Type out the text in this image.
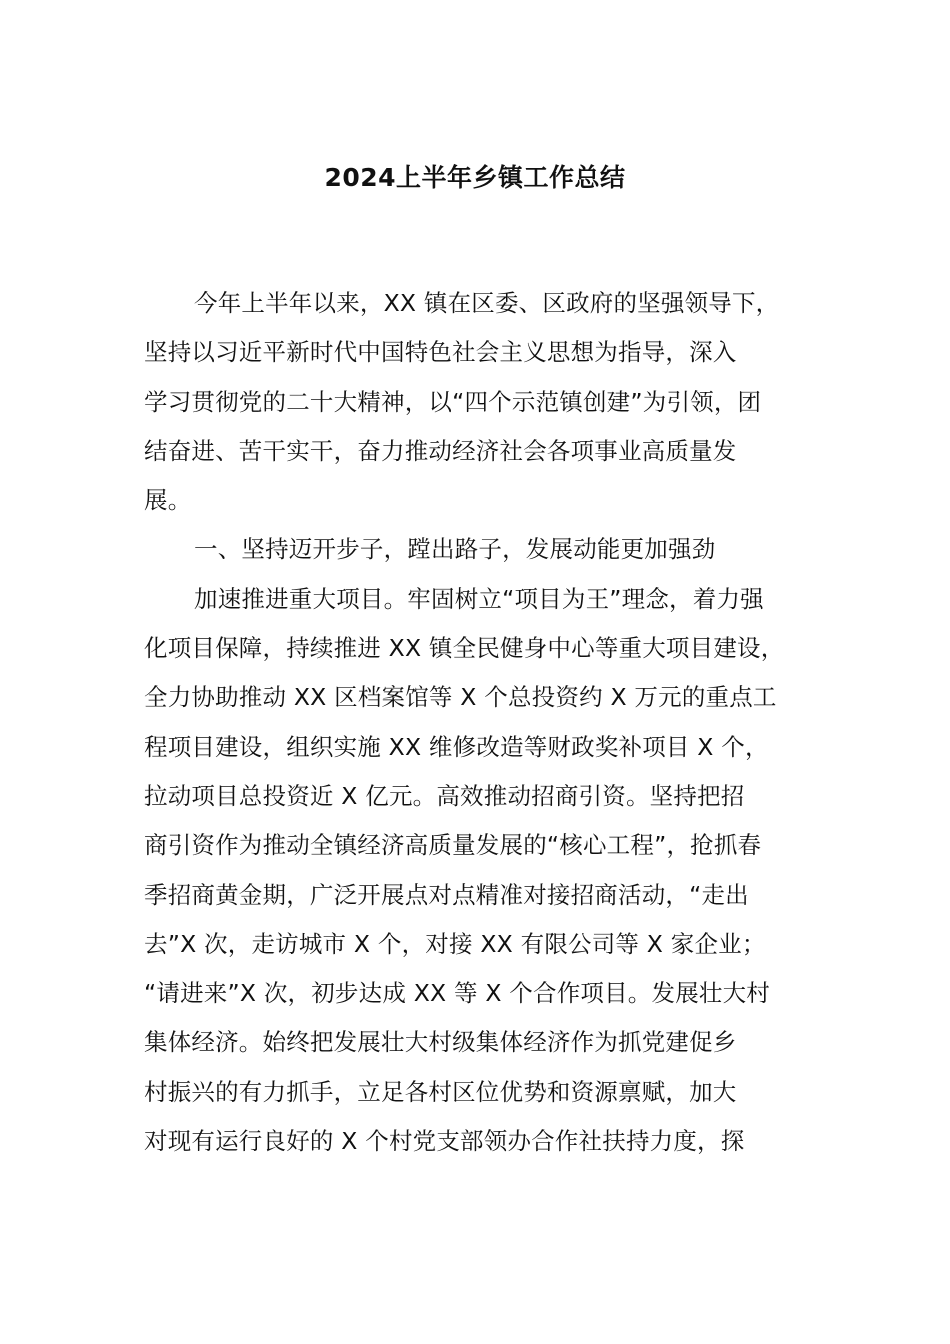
2024上半年乡镇工作总结
今年上半年以来，XX 镇在区委、区政府的坚强领导下，
坚持以习近平新时代中国特色社会主义思想为指导，深入
学习贯彻党的二十大精神，以“四个示范镇创建”为引领，团
结奋进、苦干实干，奋力推动经济社会各项事业高质量发
展。
一、坚持迈开步子，蹚出路子，发展动能更加强劲
加速推进重大项目。牢固树立“项目为王”理念，着力强
化项目保障，持续推进 XX 镇全民健身中心等重大项目建设，
全力协助推动 XX 区档案馆等 X 个总投资约 X 万元的重点工
程项目建设，组织实施 XX 维修改造等财政奖补项目 X 个，
拉动项目总投资近 X 亿元。高效推动招商引资。坚持把招
商引资作为推动全镇经济高质量发展的“核心工程”，抢抓春
季招商黄金期，广泛开展点对点精准对接招商活动，“走出
去”X 次，走访城市 X 个，对接 XX 有限公司等 X 家企业；
“请进来”X 次，初步达成 XX 等 X 个合作项目。发展壮大村
集体经济。始终把发展壮大村级集体经济作为抓党建促乡
村振兴的有力抓手，立足各村区位优势和资源禀赋，加大
对现有运行良好的 X 个村党支部领办合作社扶持力度，探
